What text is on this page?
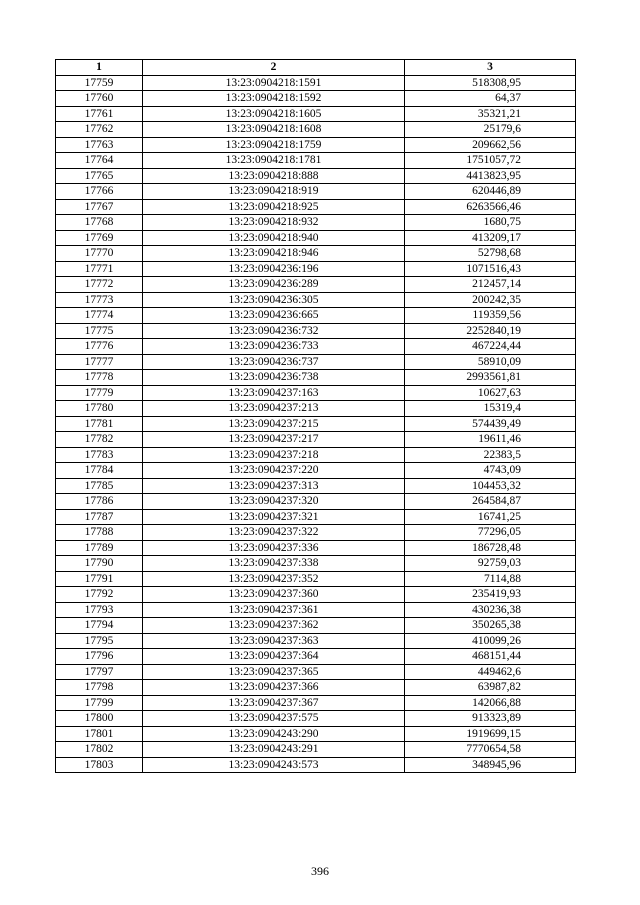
1	2	3
17759	13:23:0904218:1591	518308,95
17760	13:23:0904218:1592	64,37
17761	13:23:0904218:1605	35321,21
17762	13:23:0904218:1608	25179,6
17763	13:23:0904218:1759	209662,56
17764	13:23:0904218:1781	1751057,72
17765	13:23:0904218:888	4413823,95
17766	13:23:0904218:919	620446,89
17767	13:23:0904218:925	6263566,46
17768	13:23:0904218:932	1680,75
17769	13:23:0904218:940	413209,17
17770	13:23:0904218:946	52798,68
17771	13:23:0904236:196	1071516,43
17772	13:23:0904236:289	212457,14
17773	13:23:0904236:305	200242,35
17774	13:23:0904236:665	119359,56
17775	13:23:0904236:732	2252840,19
17776	13:23:0904236:733	467224,44
17777	13:23:0904236:737	58910,09
17778	13:23:0904236:738	2993561,81
17779	13:23:0904237:163	10627,63
17780	13:23:0904237:213	15319,4
17781	13:23:0904237:215	574439,49
17782	13:23:0904237:217	19611,46
17783	13:23:0904237:218	22383,5
17784	13:23:0904237:220	4743,09
17785	13:23:0904237:313	104453,32
17786	13:23:0904237:320	264584,87
17787	13:23:0904237:321	16741,25
17788	13:23:0904237:322	77296,05
17789	13:23:0904237:336	186728,48
17790	13:23:0904237:338	92759,03
17791	13:23:0904237:352	7114,88
17792	13:23:0904237:360	235419,93
17793	13:23:0904237:361	430236,38
17794	13:23:0904237:362	350265,38
17795	13:23:0904237:363	410099,26
17796	13:23:0904237:364	468151,44
17797	13:23:0904237:365	449462,6
17798	13:23:0904237:366	63987,82
17799	13:23:0904237:367	142066,88
17800	13:23:0904237:575	913323,89
17801	13:23:0904243:290	1919699,15
17802	13:23:0904243:291	7770654,58
17803	13:23:0904243:573	348945,96
396
